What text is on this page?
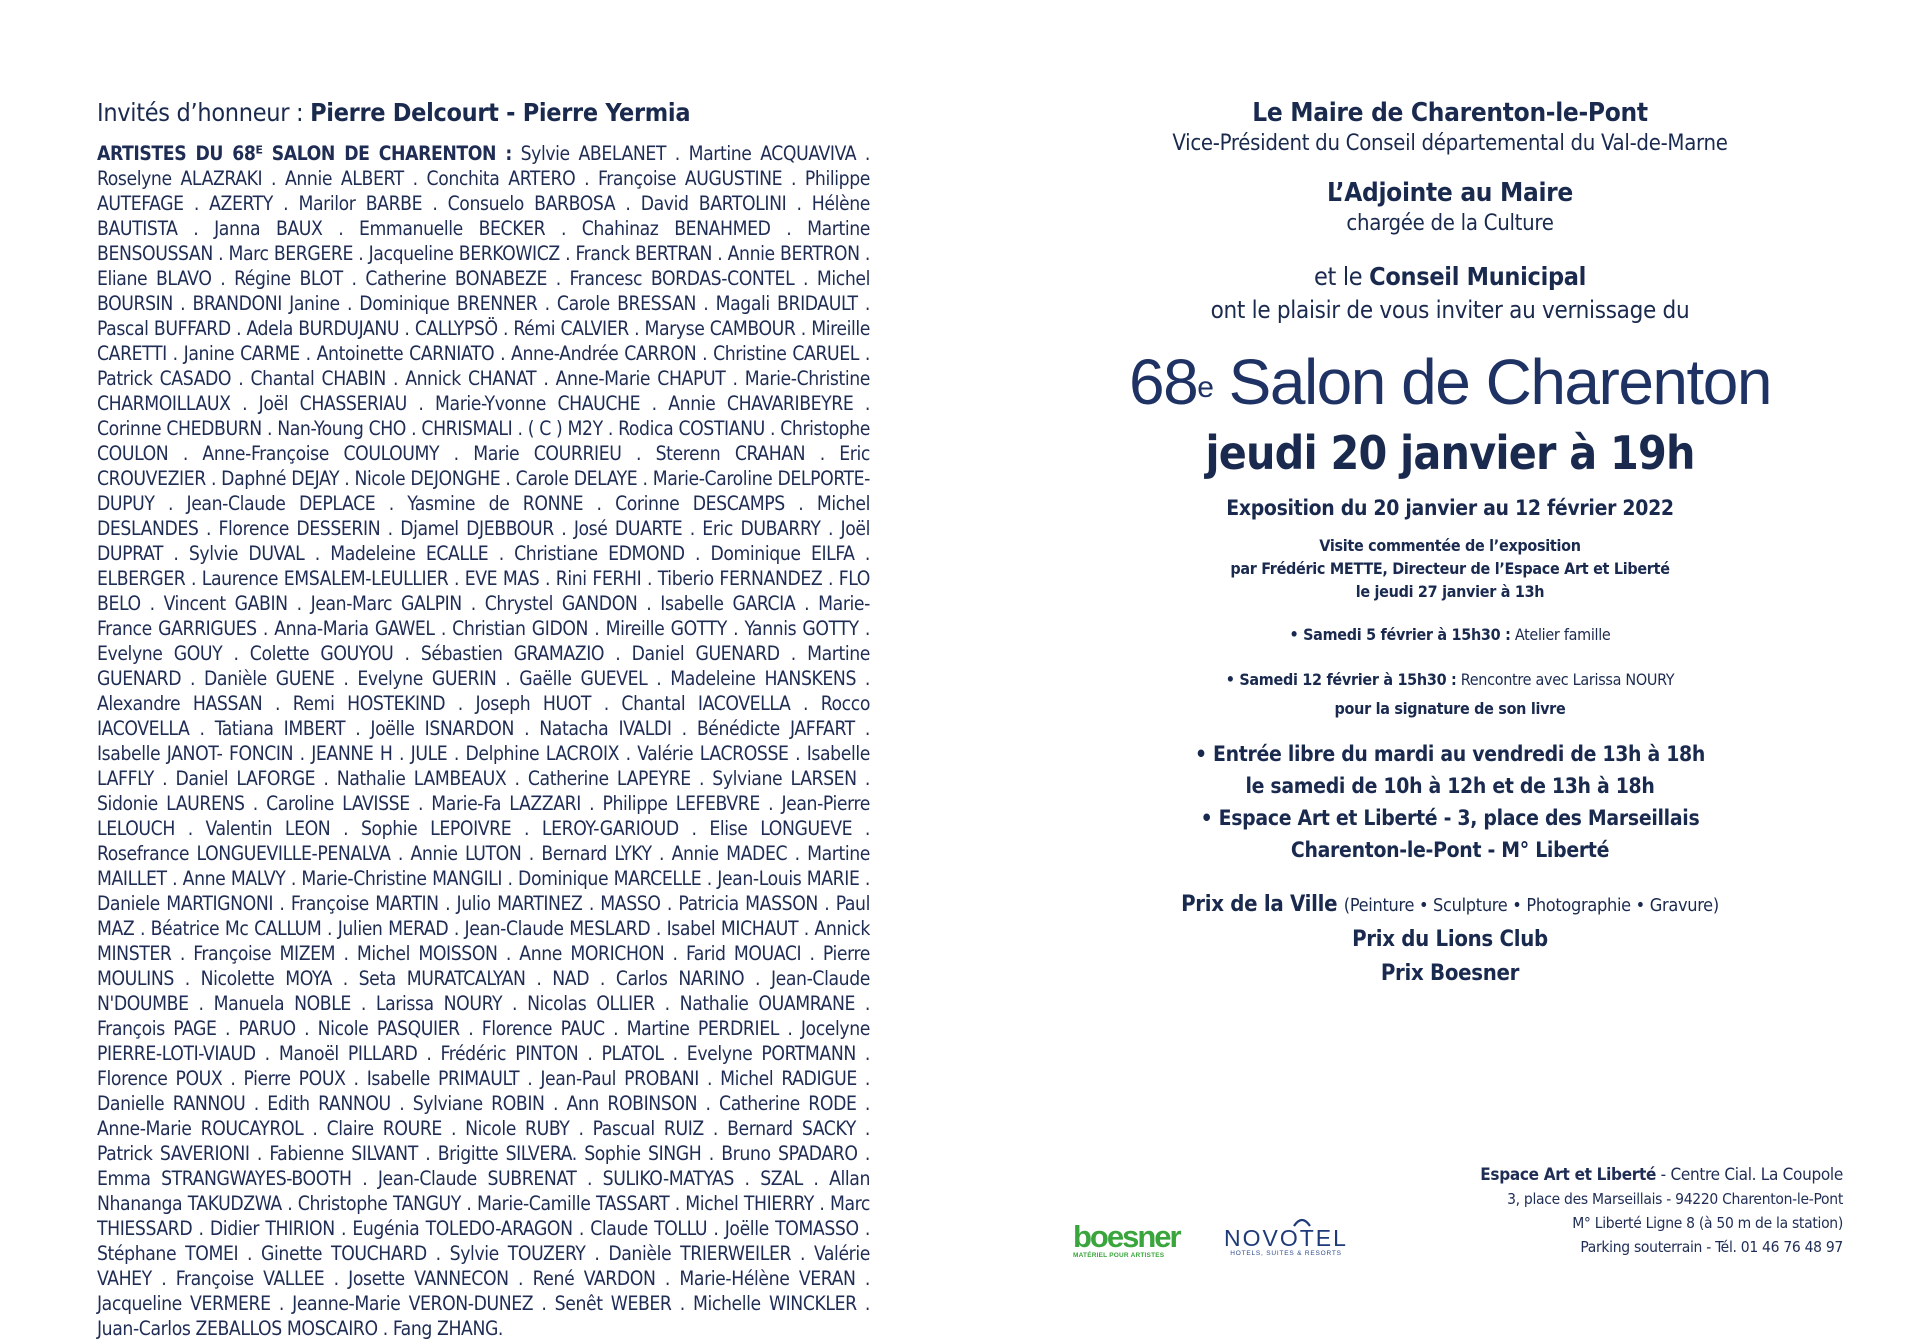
Invités d’honneur : Pierre Delcourt - Pierre Yermia

ARTISTES DU 68ᴱ SALON DE CHARENTON : Sylvie ABELANET . Martine ACQUAVIVA . Roselyne ALAZRAKI . Annie ALBERT . Conchita ARTERO . Françoise AUGUSTINE . Philippe AUTEFAGE . AZERTY . Marilor BARBE . Consuelo BARBOSA . David BARTOLINI . Hélène BAUTISTA . Janna BAUX . Emmanuelle BECKER . Chahinaz BENAHMED . Martine BENSOUSSAN . Marc BERGERE . Jacqueline BERKOWICZ . Franck BERTRAN . Annie BERTRON . Eliane BLAVO . Régine BLOT . Catherine BONABEZE . Francesc BORDAS-CONTEL . Michel BOURSIN . BRANDONI Janine . Dominique BRENNER . Carole BRESSAN . Magali BRIDAULT . Pascal BUFFARD . Adela BURDUJANU . CALLYPSÖ . Rémi CALVIER . Maryse CAMBOUR . Mireille CARETTI . Janine CARME . Antoinette CARNIATO . Anne-Andrée CARRON . Christine CARUEL . Patrick CASADO . Chantal CHABIN . Annick CHANAT . Anne-Marie CHAPUT . Marie-Christine CHARMOILLAUX . Joël CHASSERIAU . Marie-Yvonne CHAUCHE . Annie CHAVARIBEYRE . Corinne CHEDBURN . Nan-Young CHO . CHRISMALI . ( C ) M2Y . Rodica COSTIANU . Christophe COULON . Anne-Françoise COULOUMY . Marie COURRIEU . Sterenn CRAHAN . Eric CROUVEZIER . Daphné DEJAY . Nicole DEJONGHE . Carole DELAYE . Marie-Caroline DELPORTE-DUPUY . Jean-Claude DEPLACE . Yasmine de RONNE . Corinne DESCAMPS . Michel DESLANDES . Florence DESSERIN . Djamel DJEBBOUR . José DUARTE . Eric DUBARRY . Joël DUPRAT . Sylvie DUVAL . Madeleine ECALLE . Christiane EDMOND . Dominique EILFA . ELBERGER . Laurence EMSALEM-LEULLIER . EVE MAS . Rini FERHI . Tiberio FERNANDEZ . FLO BELO . Vincent GABIN . Jean-Marc GALPIN . Chrystel GANDON . Isabelle GARCIA . Marie-France GARRIGUES . Anna-Maria GAWEL . Christian GIDON . Mireille GOTTY . Yannis GOTTY . Evelyne GOUY . Colette GOUYOU . Sébastien GRAMAZIO . Daniel GUENARD . Martine GUENARD . Danièle GUENE . Evelyne GUERIN . Gaëlle GUEVEL . Madeleine HANSKENS . Alexandre HASSAN . Remi HOSTEKIND . Joseph HUOT . Chantal IACOVELLA . Rocco IACOVELLA . Tatiana IMBERT . Joëlle ISNARDON . Natacha IVALDI . Bénédicte JAFFART . Isabelle JANOT- FONCIN . JEANNE H . JULE . Delphine LACROIX . Valérie LACROSSE . Isabelle LAFFLY . Daniel LAFORGE . Nathalie LAMBEAUX . Catherine LAPEYRE . Sylviane LARSEN . Sidonie LAURENS . Caroline LAVISSE . Marie-Fa LAZZARI . Philippe LEFEBVRE . Jean-Pierre LELOUCH . Valentin LEON . Sophie LEPOIVRE . LEROY-GARIOUD . Elise LONGUEVE . Rosefrance LONGUEVILLE-PENALVA . Annie LUTON . Bernard LYKY . Annie MADEC . Martine MAILLET . Anne MALVY . Marie-Christine MANGILI . Dominique MARCELLE . Jean-Louis MARIE . Daniele MARTIGNONI . Françoise MARTIN . Julio MARTINEZ . MASSO . Patricia MASSON . Paul MAZ . Béatrice Mc CALLUM . Julien MERAD . Jean-Claude MESLARD . Isabel MICHAUT . Annick MINSTER . Françoise MIZEM . Michel MOISSON . Anne MORICHON . Farid MOUACI . Pierre MOULINS . Nicolette MOYA . Seta MURATCALYAN . NAD . Carlos NARINO . Jean-Claude N'DOUMBE . Manuela NOBLE . Larissa NOURY . Nicolas OLLIER . Nathalie OUAMRANE . François PAGE . PARUO . Nicole PASQUIER . Florence PAUC . Martine PERDRIEL . Jocelyne PIERRE-LOTI-VIAUD . Manoël PILLARD . Frédéric PINTON . PLATOL . Evelyne PORTMANN . Florence POUX . Pierre POUX . Isabelle PRIMAULT . Jean-Paul PROBANI . Michel RADIGUE . Danielle RANNOU . Edith RANNOU . Sylviane ROBIN . Ann ROBINSON . Catherine RODE . Anne-Marie ROUCAYROL . Claire ROURE . Nicole RUBY . Pascual RUIZ . Bernard SACKY . Patrick SAVERIONI . Fabienne SILVANT . Brigitte SILVERA. Sophie SINGH . Bruno SPADARO . Emma STRANGWAYES-BOOTH . Jean-Claude SUBRENAT . SULIKO-MATYAS . SZAL . Allan Nhananga TAKUDZWA . Christophe TANGUY . Marie-Camille TASSART . Michel THIERRY . Marc THIESSARD . Didier THIRION . Eugénia TOLEDO-ARAGON . Claude TOLLU . Joëlle TOMASSO . Stéphane TOMEI . Ginette TOUCHARD . Sylvie TOUZERY . Danièle TRIERWEILER . Valérie VAHEY . Françoise VALLEE . Josette VANNECON . René VARDON . Marie-Hélène VERAN . Jacqueline VERMERE . Jeanne-Marie VERON-DUNEZ . Senêt WEBER . Michelle WINCKLER . Juan-Carlos ZEBALLOS MOSCAIRO . Fang ZHANG.

Le Maire de Charenton-le-Pont

Vice-Président du Conseil départemental du Val-de-Marne

L’Adjointe au Maire

chargée de la Culture

et le Conseil Municipal

ont le plaisir de vous inviter au vernissage du

68e Salon de Charenton

jeudi 20 janvier à 19h

Exposition du 20 janvier au 12 février 2022

Visite commentée de l’exposition
par Frédéric METTE, Directeur de l’Espace Art et Liberté
le jeudi 27 janvier à 13h

• Samedi 5 février à 15h30 : Atelier famille

• Samedi 12 février à 15h30 : Rencontre avec Larissa NOURY

pour la signature de son livre

• Entrée libre du mardi au vendredi de 13h à 18h
le samedi de 10h à 12h et de 13h à 18h
• Espace Art et Liberté - 3, place des Marseillais
Charenton-le-Pont - M° Liberté
Prix de la Ville (Peinture • Sculpture • Photographie • Gravure)
Prix du Lions Club
Prix Boesner
boesner
MATÉRIEL POUR ARTISTES
NOVOTEL
HOTELS, SUITES & RESORTS
Espace Art et Liberté - Centre Cial. La Coupole
3, place des Marseillais - 94220 Charenton-le-Pont
M° Liberté Ligne 8 (à 50 m de la station)
Parking souterrain - Tél. 01 46 76 48 97
